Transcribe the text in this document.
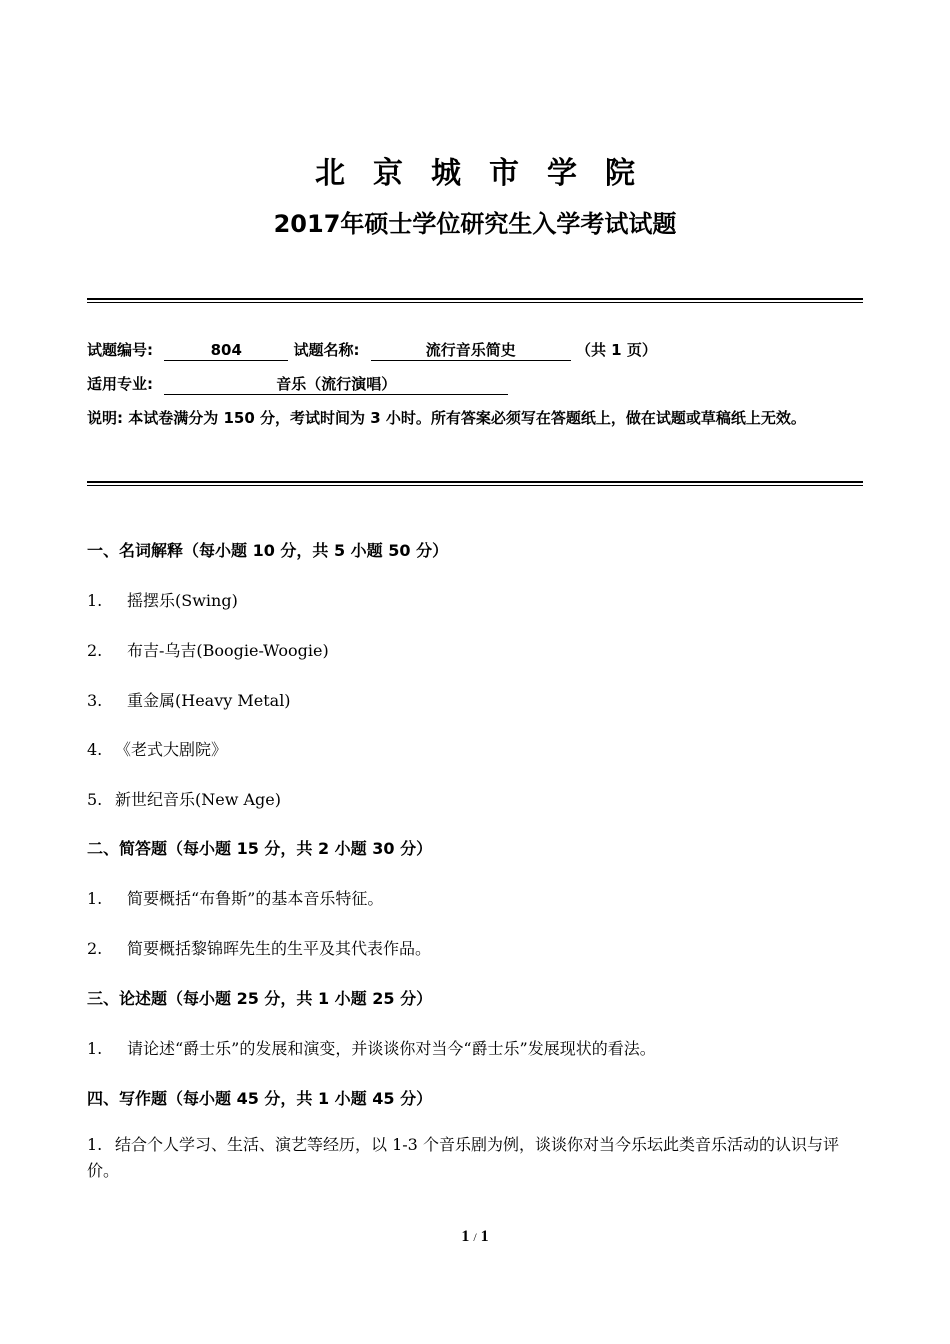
北京城市学院
2017年硕士学位研究生入学考试试题
试题编号:	804	试题名称:	流行音乐简史	（共 1 页）
适用专业:	音乐（流行演唱）
说明: 本试卷满分为 150 分，考试时间为 3 小时。所有答案必须写在答题纸上，做在试题或草稿纸上无效。
一、名词解释（每小题 10 分，共 5 小题 50 分）
1. 摇摆乐(Swing)
2. 布吉-乌吉(Boogie-Woogie)
3. 重金属(Heavy Metal)
4. 《老式大剧院》
5. 新世纪音乐(New Age)
二、简答题（每小题 15 分，共 2 小题 30 分）
1. 简要概括“布鲁斯”的基本音乐特征。
2. 简要概括黎锦晖先生的生平及其代表作品。
三、论述题（每小题 25 分，共 1 小题 25 分）
1. 请论述“爵士乐”的发展和演变，并谈谈你对当今“爵士乐”发展现状的看法。
四、写作题（每小题 45 分，共 1 小题 45 分）
1. 结合个人学习、生活、演艺等经历，以 1-3 个音乐剧为例，谈谈你对当今乐坛此类音乐活动的认识与评价。
1 / 1
